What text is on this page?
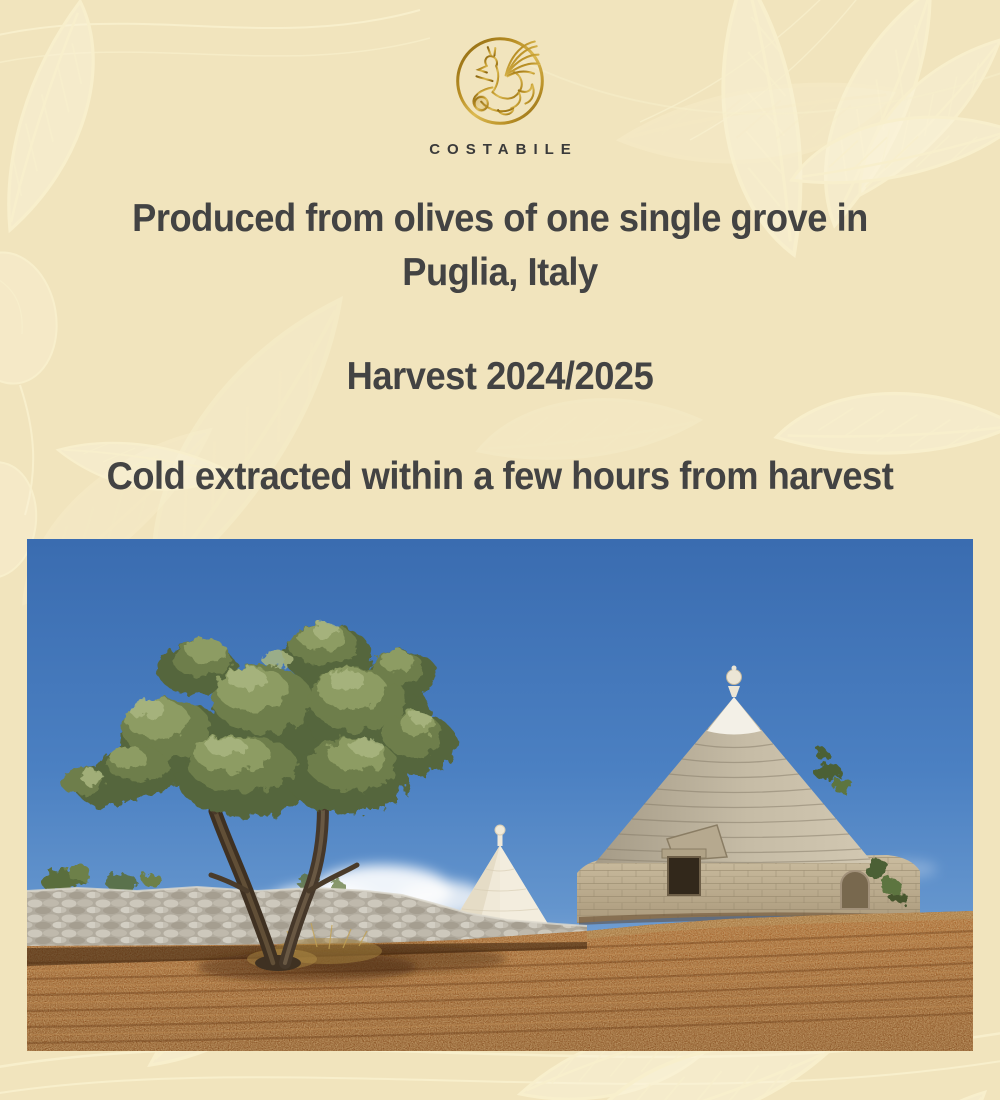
COSTABILE
Produced from olives of one single grove in
Puglia, Italy
Harvest 2024/2025
Cold extracted within a few hours from harvest
